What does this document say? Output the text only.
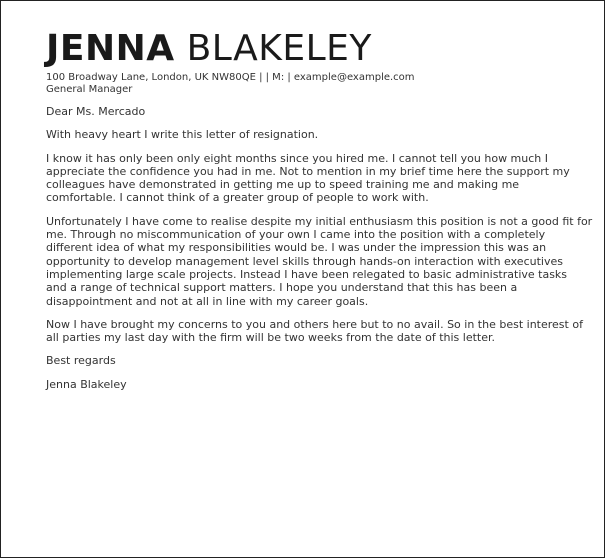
JENNA BLAKELEY
100 Broadway Lane, London, UK NW80QE | | M: | example@example.com
General Manager

Dear Ms. Mercado

With heavy heart I write this letter of resignation.

I know it has only been only eight months since you hired me. I cannot tell you how much I
appreciate the confidence you had in me. Not to mention in my brief time here the support my
colleagues have demonstrated in getting me up to speed training me and making me
comfortable. I cannot think of a greater group of people to work with.

Unfortunately I have come to realise despite my initial enthusiasm this position is not a good fit for
me. Through no miscommunication of your own I came into the position with a completely
different idea of what my responsibilities would be. I was under the impression this was an
opportunity to develop management level skills through hands-on interaction with executives
implementing large scale projects. Instead I have been relegated to basic administrative tasks
and a range of technical support matters. I hope you understand that this has been a
disappointment and not at all in line with my career goals.

Now I have brought my concerns to you and others here but to no avail. So in the best interest of
all parties my last day with the firm will be two weeks from the date of this letter.

Best regards

Jenna Blakeley
